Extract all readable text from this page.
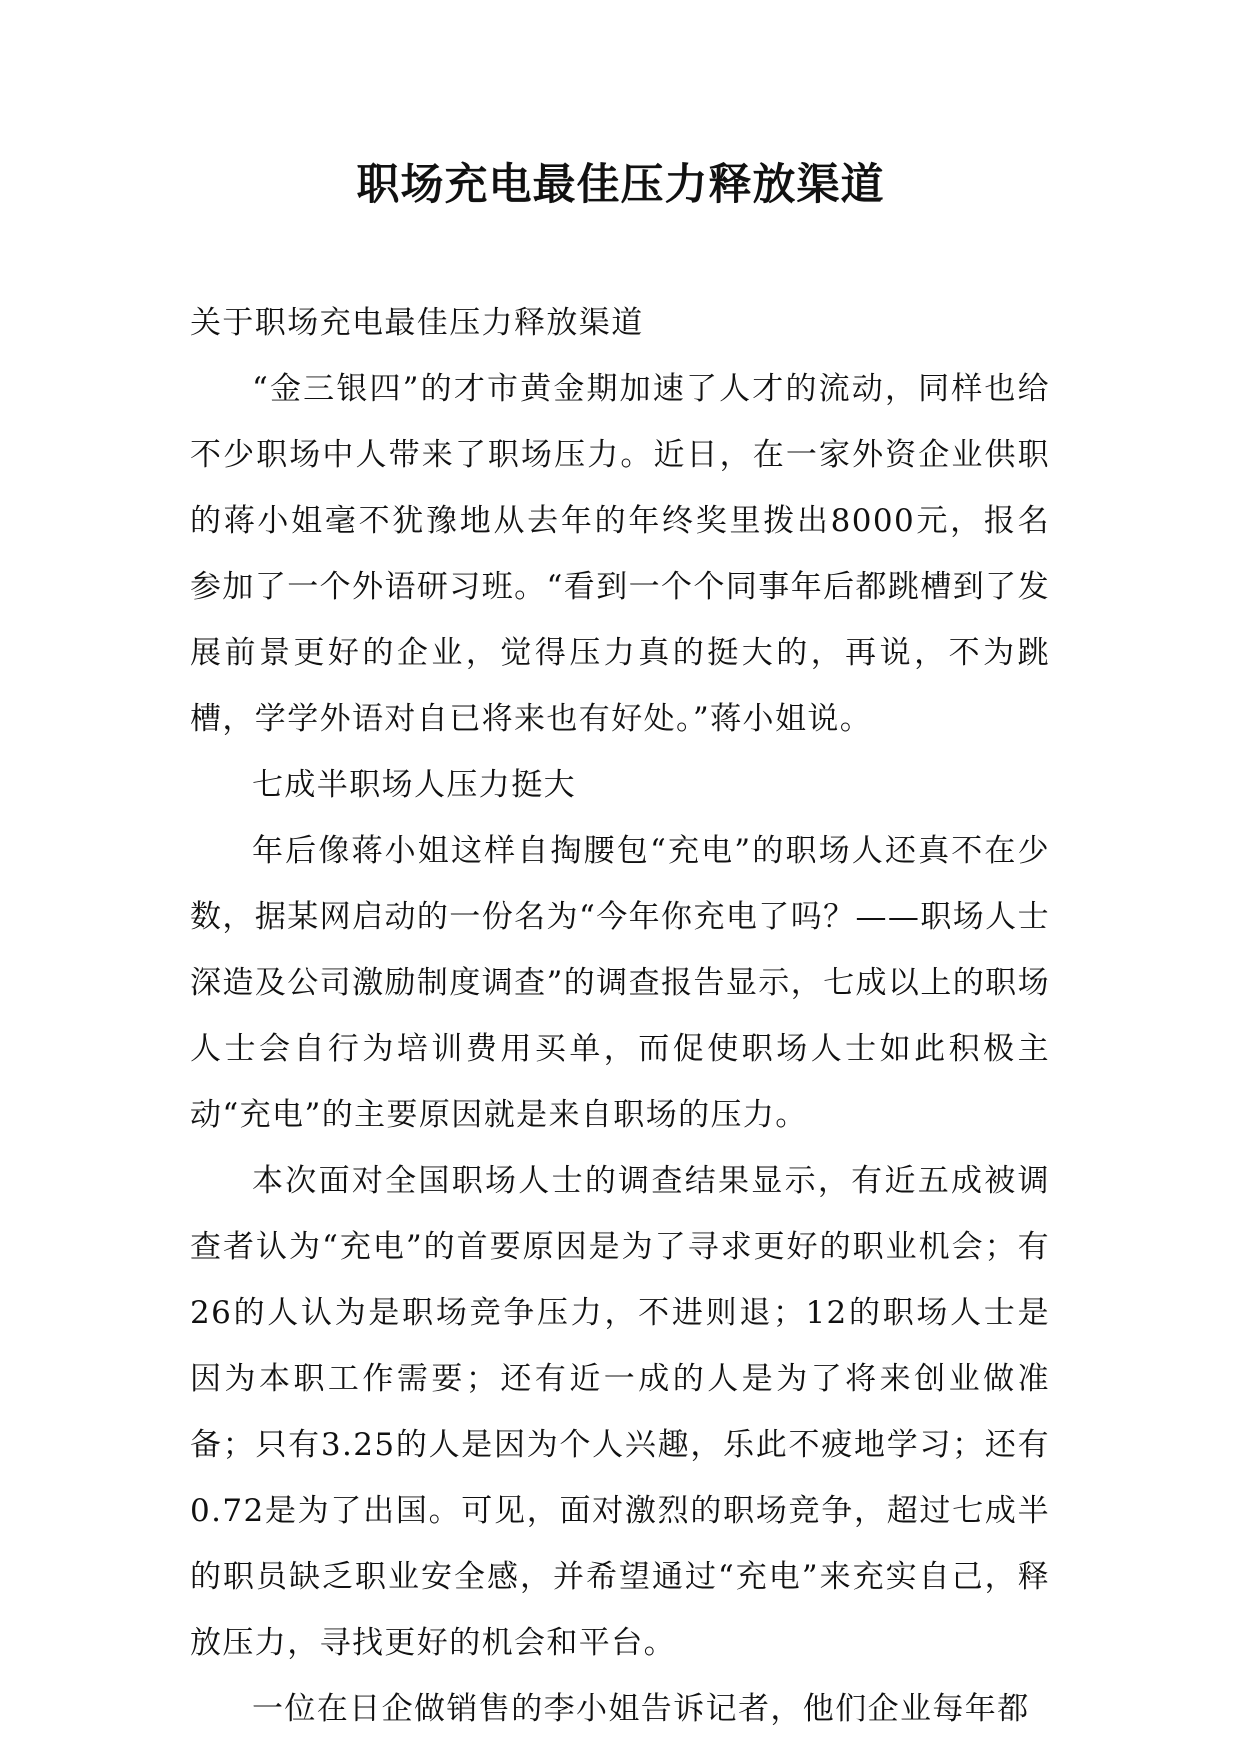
职场充电最佳压力释放渠道

关于职场充电最佳压力释放渠道

“金三银四”的才市黄金期加速了人才的流动，同样也给不少职场中人带来了职场压力。近日，在一家外资企业供职的蒋小姐毫不犹豫地从去年的年终奖里拨出8000元，报名参加了一个外语研习班。“看到一个个同事年后都跳槽到了发展前景更好的企业，觉得压力真的挺大的，再说，不为跳槽，学学外语对自已将来也有好处。”蒋小姐说。

七成半职场人压力挺大

年后像蒋小姐这样自掏腰包“充电”的职场人还真不在少数，据某网启动的一份名为“今年你充电了吗？——职场人士深造及公司激励制度调查”的调查报告显示，七成以上的职场人士会自行为培训费用买单，而促使职场人士如此积极主动“充电”的主要原因就是来自职场的压力。

本次面对全国职场人士的调查结果显示，有近五成被调查者认为“充电”的首要原因是为了寻求更好的职业机会；有26的人认为是职场竞争压力，不进则退；12的职场人士是因为本职工作需要；还有近一成的人是为了将来创业做准备；只有3.25的人是因为个人兴趣，乐此不疲地学习；还有0.72是为了出国。可见，面对激烈的职场竞争，超过七成半的职员缺乏职业安全感，并希望通过“充电”来充实自己，释放压力，寻找更好的机会和平台。

一位在日企做销售的李小姐告诉记者，他们企业每年都
